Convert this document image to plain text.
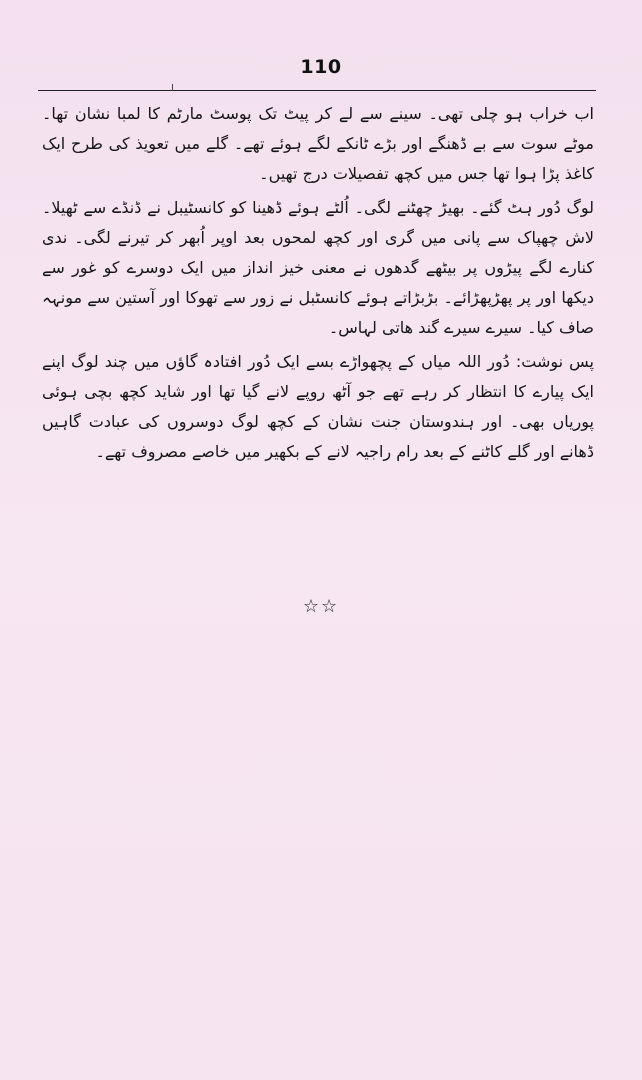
110

اب خراب ہو چلی تھی۔ سینے سے لے کر پیٹ تک پوسٹ مارٹم کا لمبا نشان تھا۔ موٹے سوت سے بے ڈھنگے اور بڑے ٹانکے لگے ہوئے تھے۔ گلے میں تعویذ کی طرح ایک کاغذ پڑا ہوا تھا جس میں کچھ تفصیلات درج تھیں۔

لوگ دُور ہٹ گئے۔ بھیڑ چھٹنے لگی۔ اُلٹے ہوئے ڈھینا کو کانسٹیبل نے ڈنڈے سے ٹھیلا۔ لاش چھپاک سے پانی میں گری اور کچھ لمحوں بعد اوپر اُبھر کر تیرنے لگی۔ ندی کنارے لگے پیڑوں پر بیٹھے گدھوں نے معنی خیز انداز میں ایک دوسرے کو غور سے دیکھا اور پر پھڑپھڑائے۔ بڑبڑاتے ہوئے کانسٹبل نے زور سے تھوکا اور آستین سے مونہہ صاف کیا۔ سیرے سیرے گند ھاتی لہاس۔

پس نوشت: دُور اللہ میاں کے پچھواڑے بسے ایک دُور افتادہ گاؤں میں چند لوگ اپنے ایک پیارے کا انتظار کر رہے تھے جو آٹھ روپے لانے گیا تھا اور شاید کچھ بچی ہوئی پوریاں بھی۔ اور ہندوستان جنت نشان کے کچھ لوگ دوسروں کی عبادت گاہیں ڈھانے اور گلے کاٹنے کے بعد رام راجیہ لانے کے بکھیر میں خاصے مصروف تھے۔

☆☆
